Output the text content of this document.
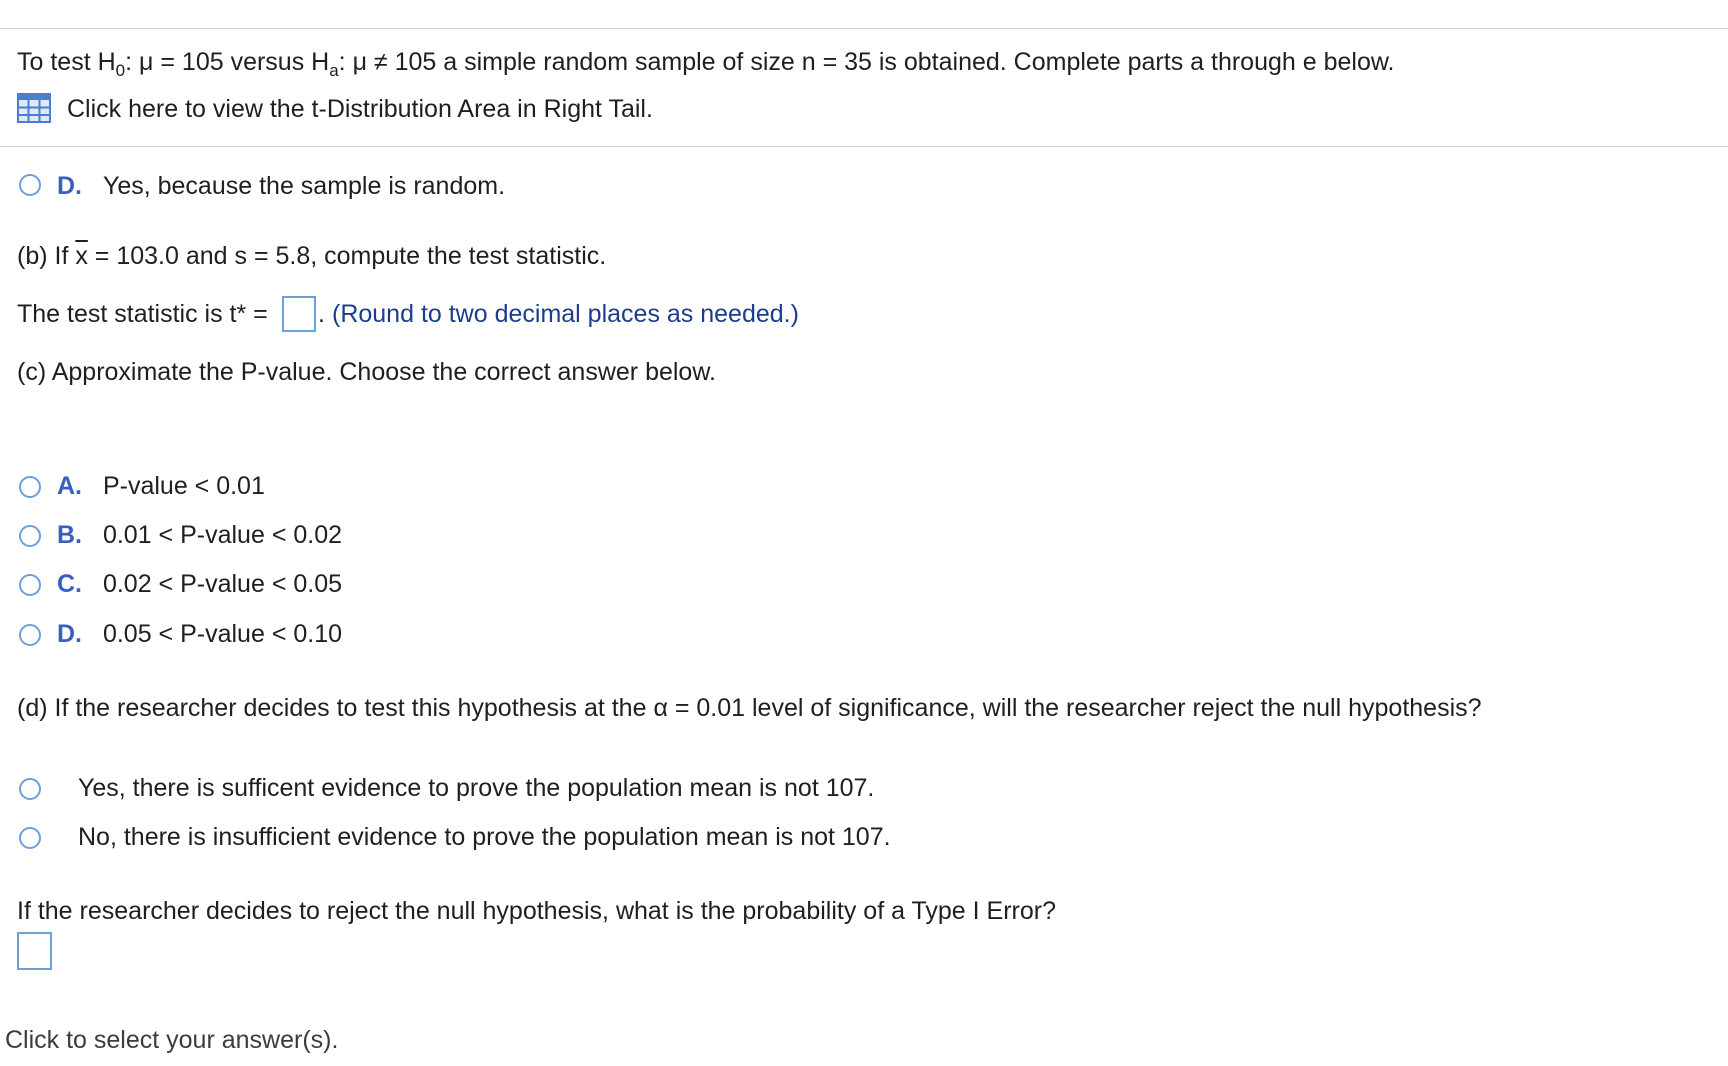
To test $H_0$: μ = 105 versus $H_a$: μ ≠ 105 a simple random sample of size n = 35 is obtained. Complete parts a through e below.
Click here to view the t-Distribution Area in Right Tail.
D. Yes, because the sample is random.
(b) If $\overline{x} = 103.0$ and s = 5.8, compute the test statistic.
The test statistic is t* = . (Round to two decimal places as needed.)
(c) Approximate the P-value. Choose the correct answer below.
A. P-value < 0.01
B. 0.01 < P-value < 0.02
C. 0.02 < P-value < 0.05
D. 0.05 < P-value < 0.10
(d) If the researcher decides to test this hypothesis at the α = 0.01 level of significance, will the researcher reject the null hypothesis?
Yes, there is sufficent evidence to prove the population mean is not 107.
No, there is insufficient evidence to prove the population mean is not 107.
If the researcher decides to reject the null hypothesis, what is the probability of a Type I Error?
Click to select your answer(s).
